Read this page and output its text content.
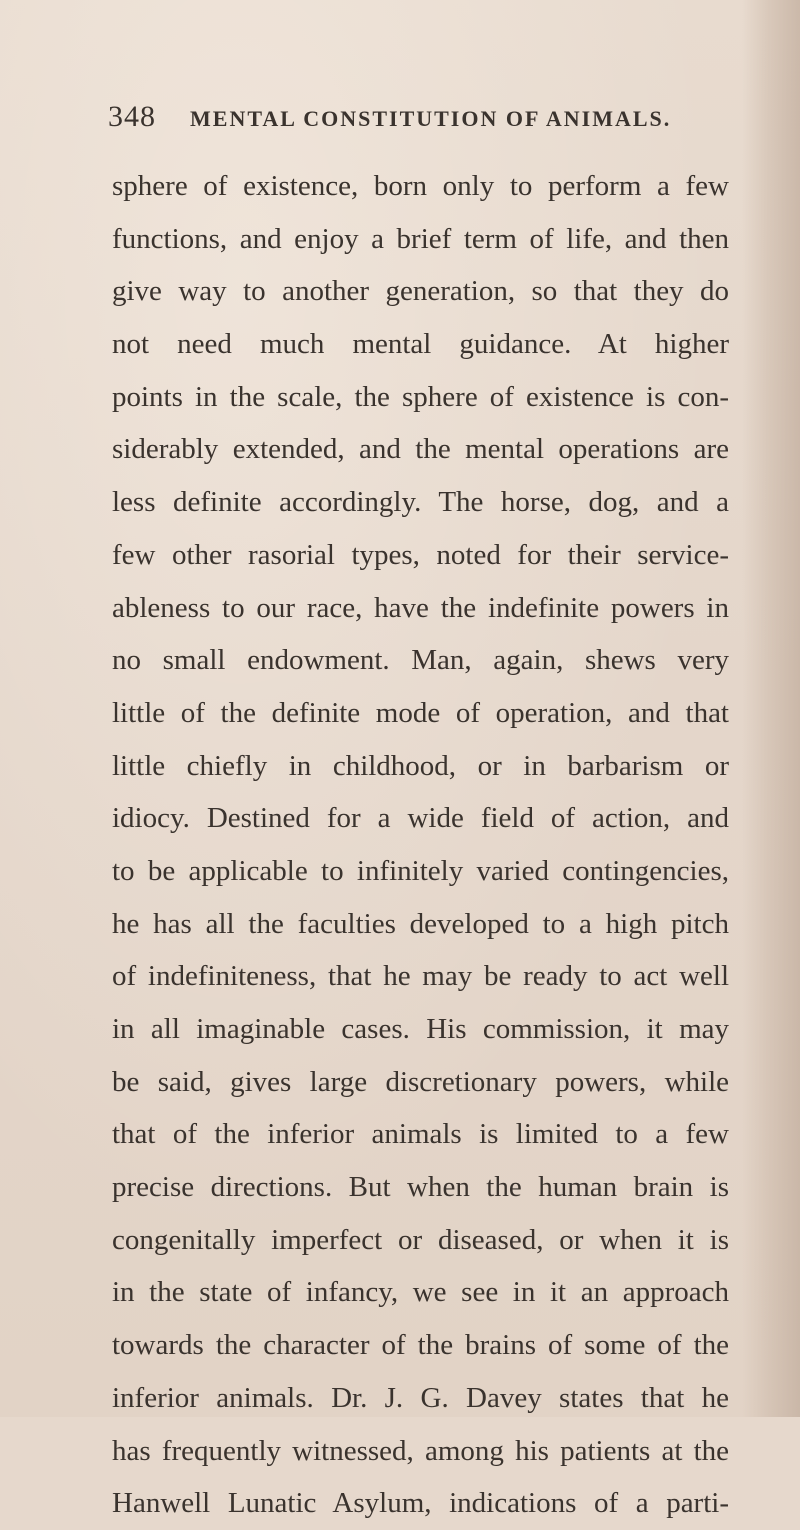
348 MENTAL CONSTITUTION OF ANIMALS.
sphere of existence, born only to perform a few
functions, and enjoy a brief term of life, and then
give way to another generation, so that they do
not need much mental guidance. At higher
points in the scale, the sphere of existence is con-
siderably extended, and the mental operations are
less definite accordingly. The horse, dog, and a
few other rasorial types, noted for their service-
ableness to our race, have the indefinite powers in
no small endowment. Man, again, shews very
little of the definite mode of operation, and that
little chiefly in childhood, or in barbarism or
idiocy. Destined for a wide field of action, and
to be applicable to infinitely varied contingencies,
he has all the faculties developed to a high pitch
of indefiniteness, that he may be ready to act well
in all imaginable cases. His commission, it may
be said, gives large discretionary powers, while
that of the inferior animals is limited to a few
precise directions. But when the human brain is
congenitally imperfect or diseased, or when it is
in the state of infancy, we see in it an approach
towards the character of the brains of some of the
inferior animals. Dr. J. G. Davey states that he
has frequently witnessed, among his patients at the
Hanwell Lunatic Asylum, indications of a parti-
